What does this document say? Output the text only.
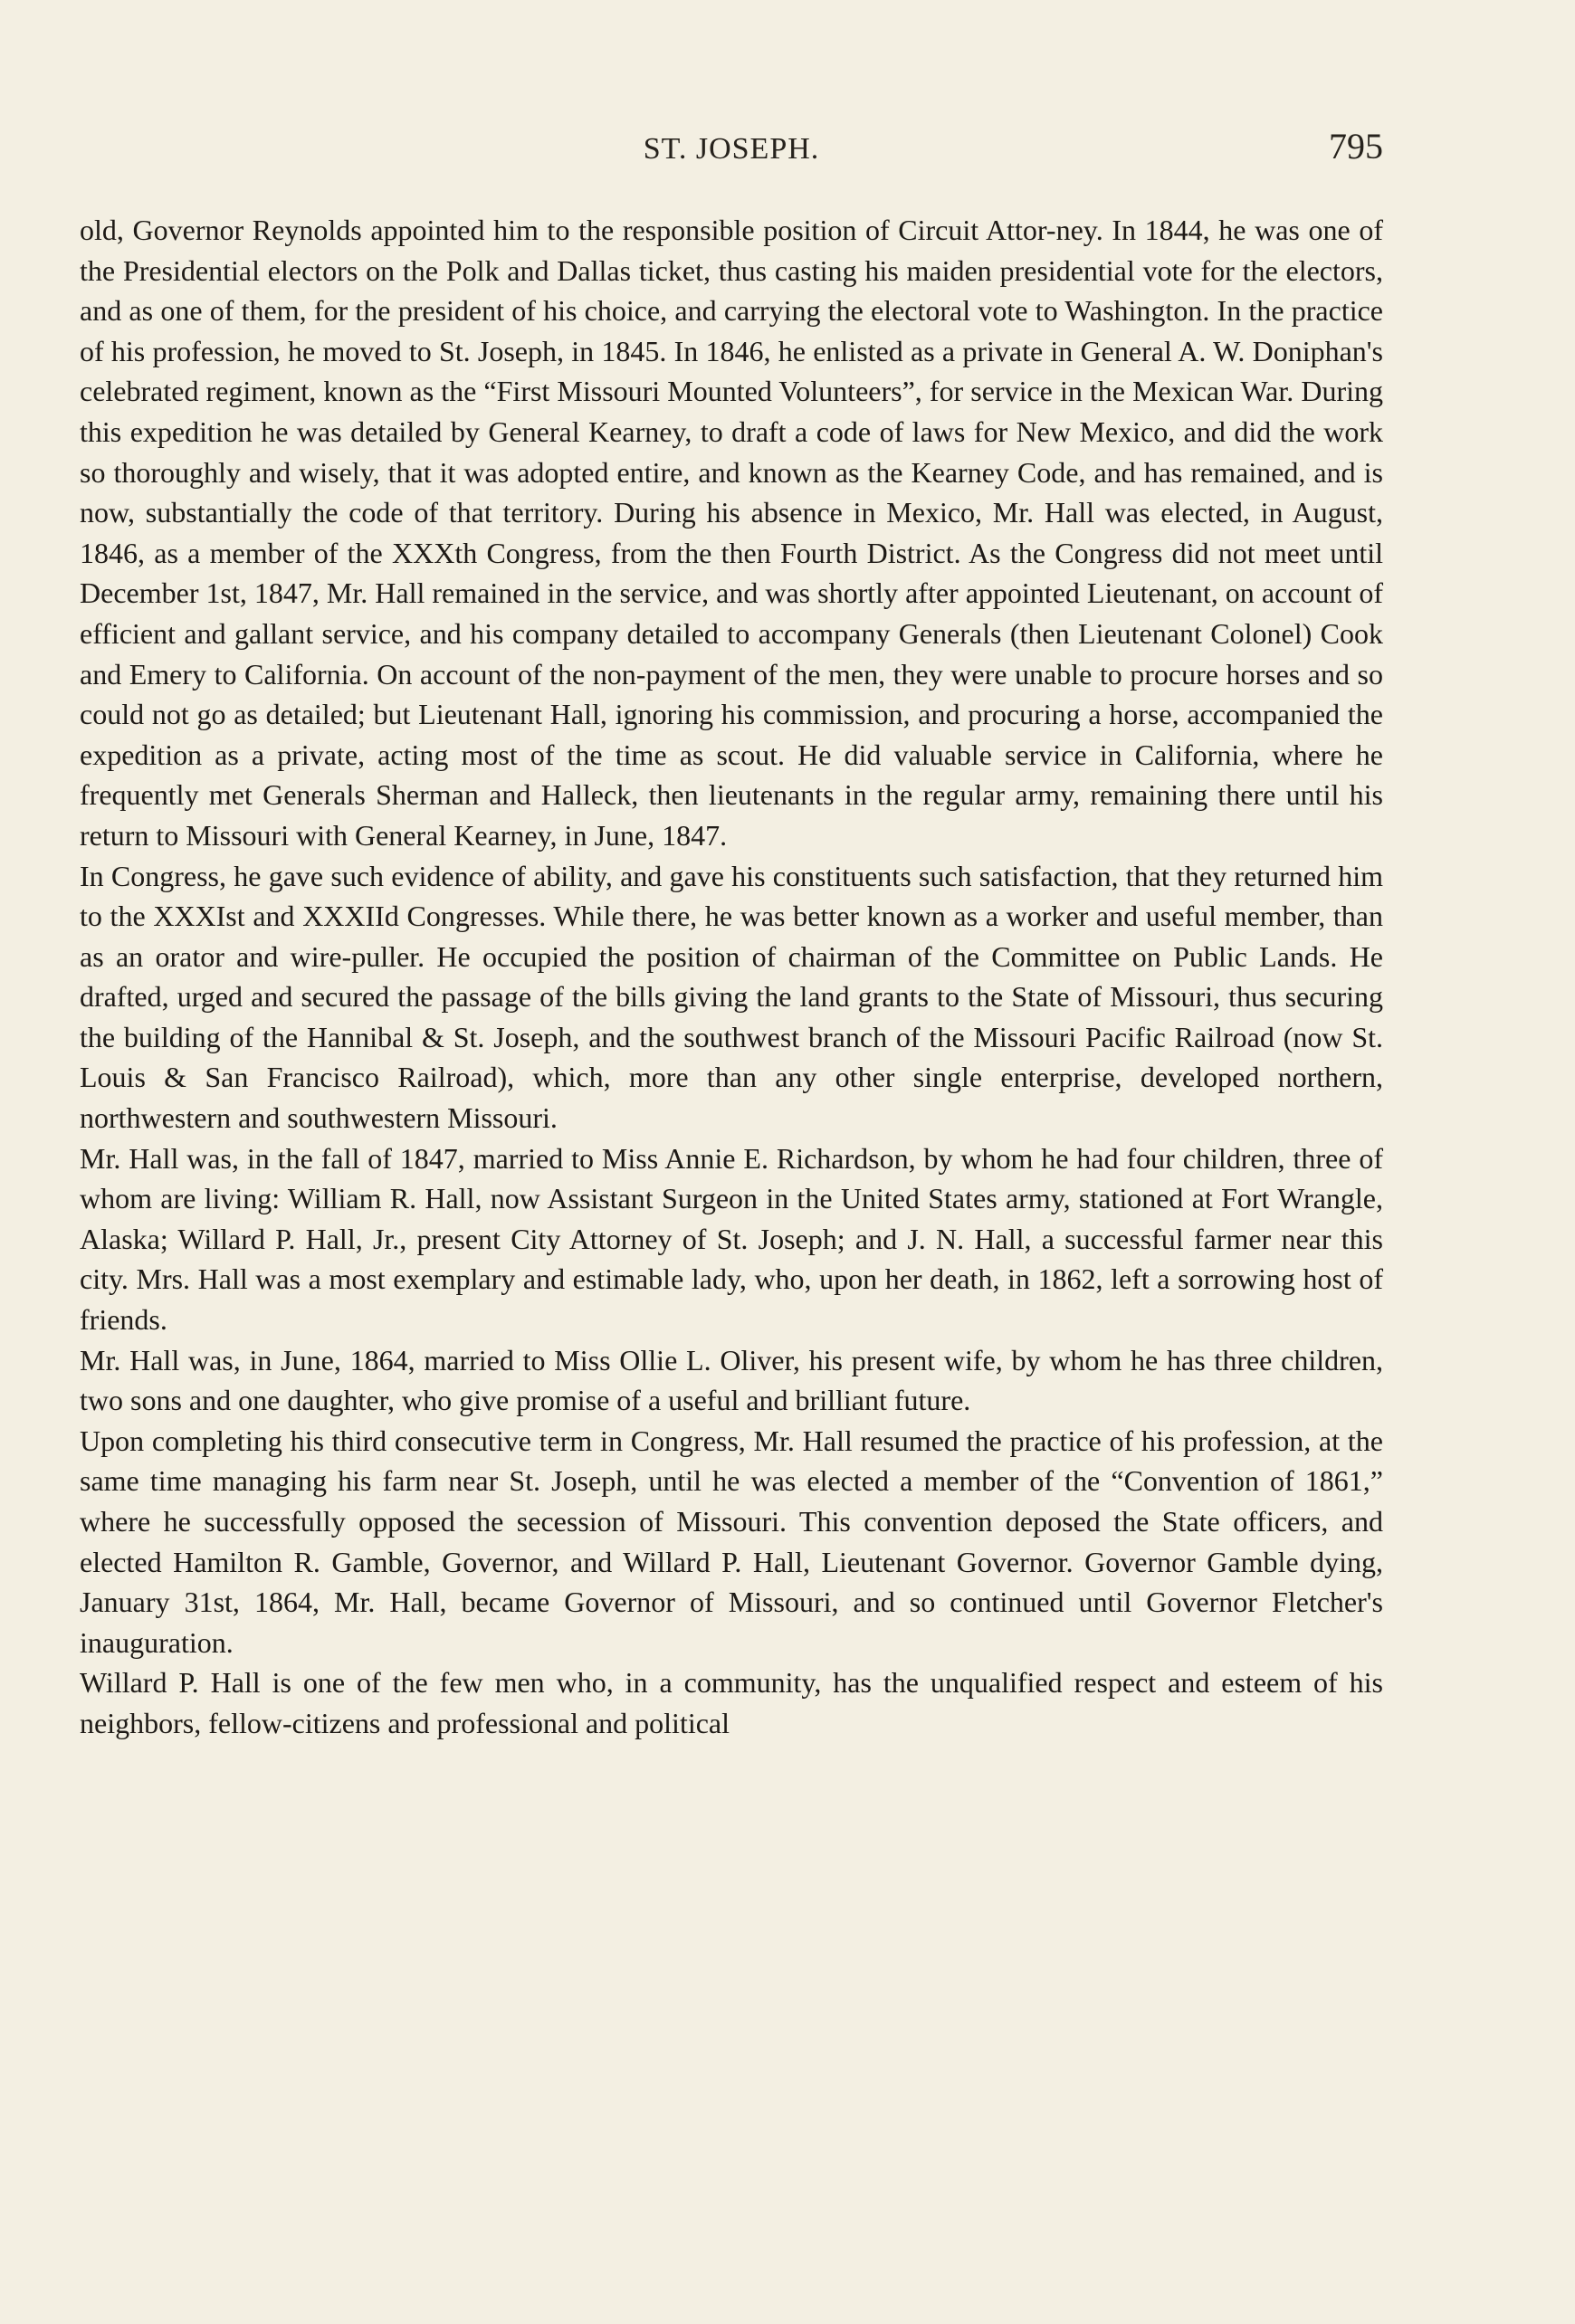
ST. JOSEPH.	795

old, Governor Reynolds appointed him to the responsible position of Circuit Attor-ney. In 1844, he was one of the Presidential electors on the Polk and Dallas ticket, thus casting his maiden presidential vote for the electors, and as one of them, for the president of his choice, and carrying the electoral vote to Washington. In the practice of his profession, he moved to St. Joseph, in 1845. In 1846, he enlisted as a private in General A. W. Doniphan's celebrated regiment, known as the “First Missouri Mounted Volunteers”, for service in the Mexican War. During this expedition he was detailed by General Kearney, to draft a code of laws for New Mexico, and did the work so thoroughly and wisely, that it was adopted entire, and known as the Kearney Code, and has remained, and is now, substantially the code of that territory. During his absence in Mexico, Mr. Hall was elected, in August, 1846, as a member of the XXXth Congress, from the then Fourth District. As the Congress did not meet until December 1st, 1847, Mr. Hall remained in the service, and was shortly after appointed Lieutenant, on account of efficient and gallant service, and his company detailed to accompany Generals (then Lieutenant Colonel) Cook and Emery to California. On account of the non-payment of the men, they were unable to procure horses and so could not go as detailed; but Lieutenant Hall, ignoring his commission, and procuring a horse, accompanied the expedition as a private, acting most of the time as scout. He did valuable service in California, where he frequently met Generals Sherman and Halleck, then lieutenants in the regular army, remaining there until his return to Missouri with General Kearney, in June, 1847.

In Congress, he gave such evidence of ability, and gave his constituents such satisfaction, that they returned him to the XXXIst and XXXIId Congresses. While there, he was better known as a worker and useful member, than as an orator and wire-puller. He occupied the position of chairman of the Committee on Public Lands. He drafted, urged and secured the passage of the bills giving the land grants to the State of Missouri, thus securing the building of the Hannibal & St. Joseph, and the southwest branch of the Missouri Pacific Railroad (now St. Louis & San Francisco Railroad), which, more than any other single enterprise, developed northern, northwestern and southwestern Missouri.

Mr. Hall was, in the fall of 1847, married to Miss Annie E. Richardson, by whom he had four children, three of whom are living: William R. Hall, now Assistant Surgeon in the United States army, stationed at Fort Wrangle, Alaska; Willard P. Hall, Jr., present City Attorney of St. Joseph; and J. N. Hall, a successful farmer near this city. Mrs. Hall was a most exemplary and estimable lady, who, upon her death, in 1862, left a sorrowing host of friends.

Mr. Hall was, in June, 1864, married to Miss Ollie L. Oliver, his present wife, by whom he has three children, two sons and one daughter, who give promise of a useful and brilliant future.

Upon completing his third consecutive term in Congress, Mr. Hall resumed the practice of his profession, at the same time managing his farm near St. Joseph, until he was elected a member of the “Convention of 1861,” where he successfully opposed the secession of Missouri. This convention deposed the State officers, and elected Hamilton R. Gamble, Governor, and Willard P. Hall, Lieutenant Governor. Governor Gamble dying, January 31st, 1864, Mr. Hall, became Governor of Missouri, and so continued until Governor Fletcher's inauguration.

Willard P. Hall is one of the few men who, in a community, has the unqualified respect and esteem of his neighbors, fellow-citizens and professional and political
